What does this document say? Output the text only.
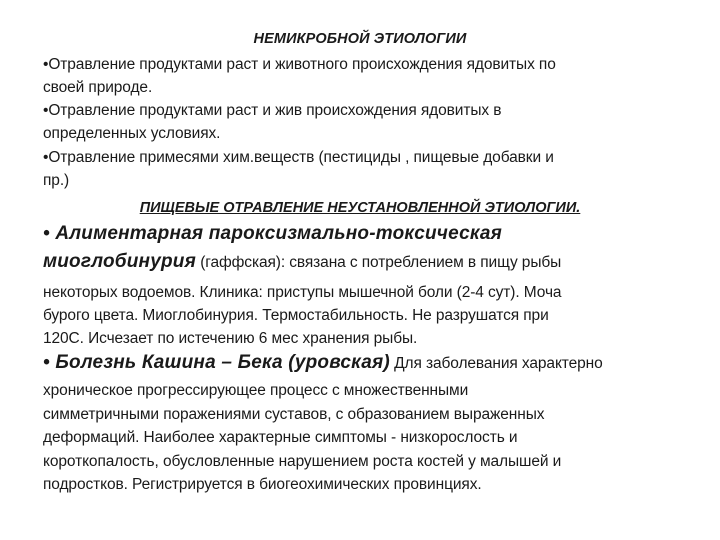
НЕМИКРОБНОЙ ЭТИОЛОГИИ
•Отравление продуктами раст и животного происхождения ядовитых по
своей природе.
•Отравление продуктами раст и жив происхождения ядовитых в
определенных условиях.
•Отравление примесями хим.веществ (пестициды , пищевые добавки и
пр.)
ПИЩЕВЫЕ ОТРАВЛЕНИЕ НЕУСТАНОВЛЕННОЙ ЭТИОЛОГИИ.
• Алиментарная пароксизмально-токсическая
миоглобинурия (гаффская): связана с потреблением в пищу рыбы
некоторых водоемов. Клиника: приступы мышечной боли (2-4 сут). Моча
бурого цвета. Миоглобинурия. Термостабильность. Не разрушатся при
120С. Исчезает по истечению 6 мес хранения рыбы.
• Болезнь Кашина – Бека (уровская) Для заболевания характерно
хроническое прогрессирующее процесс с множественными
симметричными поражениями суставов, с образованием выраженных
деформаций. Наиболее характерные симптомы - низкорослость и
короткопалость, обусловленные нарушением роста костей у малышей и
подростков. Регистрируется в биогеохимических провинциях.
